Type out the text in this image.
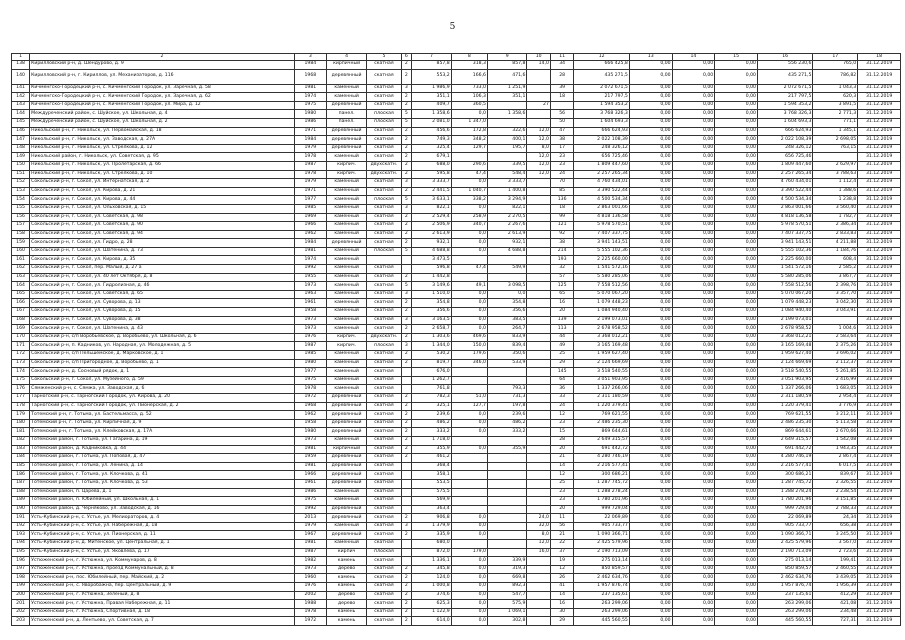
5
1	2	3	4	5	6	7	8	9	10	11	12	13	14	15	16	17	18
138	Кирилловский р-н, д. Шендурово, д. 9	1984	кирпичный	скатная	2	857,8	318,3	857,8	14,0	34	666 425,8	0,00	0,00	0,00	556 230,6	765,0	31.12.2019
140	Кирилловский р-н, г. Кириллов, ул. Механизаторов, д. 116	1968	деревянный	скатная	2	553,2	166,6	471,6		28	435 271,5	0,00	0,00	0,00	435 271,5	786,82	31.12.2019
141	Кичменгско-Городецкий р-н, с. Кичменгский Городок, ул. Заречная, д. 58	1981	каменный	скатная	3	1 986,9	733,0	1 251,9		39	2 072 671,5	0,00	0,00	0,00	2 072 671,5	1 043,3	31.12.2019
142	Кичменгско-Городецкий р-н, с. Кичменгский Городок, ул. Заречная, д. 62	1974	каменный	скатная	2	351,1	106,3	351,1		18	217 797,5	0,00	0,00	0,00	217 797,5	620,3	31.12.2019
143	Кичменгско-Городецкий р-н, с. Кичменгский Городок, ул. Мира, д. 12	1975	деревянный	скатная	2	409,7	360,5		27		1 594 353,2	0,00	0,00	0,00	1 594 353,2	3 891,5	31.12.2019
144	Междуреченский район, с. Шуйское, ул. Школьная, д. 4	1980	панел.	плоская	5	1 358,6	0,0	1 358,6		56	3 768 326,3	0,00	0,00	0,00	3 768 326,3	2 771,3	31.12.2019
145	Междуреченский район, с. Шуйское, ул. Школьная, д. 2	1986	панел.	плоская	5	2 081,0	1 347,0			50	1 604 693,3	0,00	0,00	0,00	1 604 693,3	771,1	31.12.2019
146	Никольский р-н, г. Никольск, ул. Первомайская, д. 18	1971	деревянный	скатная	2	456,6	172,8	322,6	12,0	47	666 624,93	0,00	0,00	0,00	666 624,93	1 345,1	31.12.2019
147	Никольский р-н, г. Никольск, ул. Заводская, д. 27А	1984	деревянный	скатная	2	749,3	348,2	400,1	12,0	38	2 022 108,39	0,00	0,00	0,00	2 022 108,39	2 698,05	31.12.2019
148	Никольский р-н, г. Никольск, ул. Стрелкова, д. 12	1979	деревянный	скатная	2	325,4	129,7	195,7	8,0	17	248 326,12	0,00	0,00	0,00	248 326,12	763,15	31.12.2019
149	Никольский район, г. Никольск, ул. Советская, д. 95	1978	каменный	скатная	2	679,1			12,0	23	656 725,46	0,00	0,00	0,00	656 725,46		31.12.2019
150	Никольский р-н, г. Никольск, ул. Пролетарская, д. 66	1987	кирпич.	двухскатн.	2	688,0	290,6	339,5	12,0	23	1 809 447,60	0,00	0,00	0,00	1 809 447,60	2 629,97	31.12.2019
151	Никольский р-н, г. Никольск, ул. Стрелкова, д. 10	1978	кирпич.	двухскатн.	2	595,8	47,4	548,4	12,0	24	2 257 265,34	0,00	0,00	0,00	2 257 265,34	3 788,63	31.12.2019
152	Сокольский р-н, г. Сокол, ул. Интернатская, д. 2	1979	каменный	скатная	3	3 333,7	0,0	3 333,7		70	4 760 434,01	0,00	0,00	0,00	4 760 434,01	1 112,4	31.12.2019
153	Сокольский р-н, г. Сокол, ул. Кирова, д. 21	1971	каменный	скатная	2	2 441,5	1 040,7	1 400,8		85	3 390 522,44	0,00	0,00	0,00	3 390 522,44	1 388,6	31.12.2019
154	Сокольский р-н, г. Сокол, ул. Кирова, д. 44	1977	каменный	плоская	5	3 633,1	338,2	3 294,9		136	4 500 534,34	0,00	0,00	0,00	4 500 534,34	1 238,8	31.12.2019
155	Сокольский р-н, г. Сокол, ул. Ольховская, д. 15	1985	каменный	скатная	3	822,1	0,0	822,1		18	2 863 001,66	0,00	0,00	0,00	2 863 001,66	3 560,40	31.12.2019
156	Сокольский р-н, г. Сокол, ул. Советская, д. 98	1969	каменный	скатная	2	2 529,4	258,9	2 270,5		99	4 818 136,58	0,00	0,00	0,00	4 818 136,58	1 782,7	31.12.2019
157	Сокольский р-н, г. Сокол, ул. Советская, д. 90	1966	каменный	скатная	2	2 506,9	340,7	2 267,6		121	5 978 570,51	0,00	0,00	0,00	5 978 570,51	2 386,34	31.12.2019
158	Сокольский р-н, г. Сокол, ул. Советская, д. 94	1962	каменный	скатная	2	2 613,9	0,0	2 613,9		92	7 407 337,75	0,00	0,00	0,00	7 407 337,75	2 833,83	31.12.2019
159	Сокольский р-н, г. Сокол, ул. Гидро, д. 28	1984	деревянный	скатная	2	932,1	0,0	932,1		38	3 941 143,51	0,00	0,00	0,00	3 941 143,51	4 211,88	31.12.2019
160	Сокольский р-н, г. Сокол, ул. Шатенина, д. 73	1981	каменный	плоская	5	4 688,8	0,0	4 688,8		214	5 555 102,36	0,00	0,00	0,00	5 555 102,36	1 184,76	31.12.2019
161	Сокольский р-н, г. Сокол, ул. Кирова, д. 35	1974	каменный			3 473,5				193	2 225 660,00	0,00	0,00	0,00	2 225 660,00	608,4	31.12.2019
162	Сокольский р-н, г. Сокол, пер. Малый, д. 27 а	1992	каменный	скатная		596,8	47,4	549,9		32	1 541 572,16	0,00	0,00	0,00	1 541 572,16	2 585,2	31.12.2019
163	Сокольский р-н, г. Сокол, ул. 40 лет Октября, д. 8	1955	каменный	скатная	2	1 442,8				57	5 580 285,06	0,00	0,00	0,00	5 580 285,06	3 867,7	31.12.2019
164	Сокольский р-н, г. Сокол, ул. Гидролизная, д. 46	1973	каменный	скатная	5	3 149,6	49,1	3 098,5		125	7 558 512,56	0,00	0,00	0,00	7 558 512,56	2 398,76	31.12.2019
165	Сокольский р-н, г. Сокол, ул. Советская, д. 65	1963	каменный	скатная	3	1 510,0	0,0	0,0		65	5 070 067,20	0,00	0,00	0,00	5 070 067,20	3 357,70	31.12.2019
166	Сокольский р-н, г. Сокол, ул. Суворова, д. 13	1961	каменный	скатная	2	354,8	0,0	354,8		16	1 079 448,23	0,00	0,00	0,00	1 079 448,23	3 042,30	31.12.2019
167	Сокольский р-н, г. Сокол, ул. Суворова, д. 15	1958	каменный	скатная	2	356,6	0,0	356,6		20	1 084 940,40	0,00	0,00	0,00	1 084 940,40	3 043,91	31.12.2019
168	Сокольский р-н, г. Сокол, ул. Суворова, д. 38	1973	каменный	скатная	3	3 163,5	0,0	383,5		139	2 199 073,01	0,00	0,00	0,00	2 199 073,01		31.12.2019
169	Сокольский р-н, г. Сокол, ул. Шатенина, д. 43	1973	каменный	скатная	2	2 658,7	0,0	264,7		113	2 678 958,52	0,00	0,00	0,00	2 678 958,52	1 004,6	31.12.2019
170	Сокольский р-н, с/п Воробьевское, д. Воробьево, ул. Школьная, д. 6	1976	кирпич.	двухскатн.	2	1 303,6	469,6	833,9		44	3 368 012,21	0,00	0,00	0,00	3 368 012,21	2 583,64	31.12.2019
171	Сокольский р-н, п. Кадников, ул. Народная, ул. Молодежная, д. 5	1987	кирпич.	плоская	3	1 344,0	150,0	839,4		49	3 165 169,48	0,00	0,00	0,00	3 165 169,48	2 375,26	31.12.2019
172	Сокольский р-н, с/п Пельшемское, д. Марковское, д. 1	1985	каменный	скатная	2	530,2	179,6	350,6		25	1 959 627,40	0,00	0,00	0,00	1 959 627,40	3 696,02	31.12.2019
173	Сокольский р-н, с/п Пригородное, д. Воробьево, д. 1	1980	каменный	скатная	2	819,7	346,0	533,9		29	2 124 669,69	0,00	0,00	0,00	2 124 669,69	2 112,37	31.12.2019
174	Сокольский р-н, д. Сосновый рядок, д. 1	1977	каменный	скатная		676,0				145	3 518 540,55	0,00	0,00	0,00	3 518 540,55	5 261,85	31.12.2019
175	Сокольский р-н, г. Сокол, ул. Музейного, д. 59	1975	каменный	скатная		1 262,7				64	3 051 903,95	0,00	0,00	0,00	3 051 903,95	2 416,99	31.12.2019
176	Сямженский р-н, с. Сямжа, ул. Заводская, д. 6	1978	каменный	скатная		761,8		793,3		36	1 337 266,06	0,00	0,00	0,00	1 337 266,06	1 683,05	31.12.2019
177	Тарногский р-н, с. Тарногский Городок, ул. Кирова, д. 20	1972	деревянный	скатная	2	782,3	51,0	731,3		33	2 311 180,59	0,00	0,00	0,00	2 311 180,59	2 954,4	31.12.2019
178	Тарногский р-н, с. Тарногский Городок, ул. Пионерская, д. 2	1968	деревянный	скатная	2	325,1	127,7	197,8		24	1 220 379,41	0,00	0,00	0,00	1 220 379,41	3 776,9	31.12.2019
179	Тотемский р-н, г. Тотьма, ул. Бастельмасса, д. 52	1962	деревянный	скатная	2	239,6	0,0	239,6		12	769 621,55	0,00	0,00	0,00	769 621,55	3 212,11	31.12.2019
180	Тотемский р-н, г. Тотьма, ул. Кирпичная, д. 9	1958	деревянный	скатная	2	486,2	0,0	486,2		23	2 486 235,30	0,00	0,00	0,00	2 486 235,30	5 113,58	31.12.2019
181	Тотемский р-н, г. Тотьма, ул. Клейковская, д. 17А	1980	деревянный	скатная	2	333,2	0,0	333,2		15	869 644,61	0,00	0,00	0,00	869 644,61	2 670,66	31.12.2019
182	Тотемский район, г. Тотьма, ул. Гагарина, д. 19	1973	каменный	скатная	2	1 718,0				28	2 649 315,57	0,00	0,00	0,00	2 649 315,57	1 542,08	31.12.2019
183	Тотемский район, д. Кадниковка, д. 44	1981	кирпичный	скатная	2	355,9	0,0	355,9		20	691 442,72	0,00	0,00	0,00	691 442,72	1 943,35	31.12.2019
184	Тотемский район, г. Тотьма, ул. Поповая, д. 47	1959	деревянный	скатная	2	461,2				21	4 280 746,19	0,00	0,00	0,00	4 280 746,19	2 867,4	31.12.2019
185	Тотемский район, г. Тотьма, ул. Ленина, д. 14	1981	деревянный	скатная		368,4				14	2 216 577,41	0,00	0,00	0,00	2 216 577,41	6 017,5	31.12.2019
186	Тотемский район, г. Тотьма, ул. Клочкова, д. 41	1966	деревянный	скатная		358,1				12	300 686,21	0,00	0,00	0,00	300 686,21	839,67	31.12.2019
187	Тотемский район, г. Тотьма, ул. Клочкова, д. 53	1961	деревянный	скатная		553,5				25	1 287 745,72	0,00	0,00	0,00	1 287 745,72	2 326,55	31.12.2019
188	Тотемский район, п. Царева, д. 1	1986	каменный	скатная		575,5				23	1 288 278,24	0,00	0,00	0,00	1 288 278,24	2 238,54	31.12.2019
189	Тотемский район, п. Юбилейный, ул. Школьная, д. 1	1975	каменный	скатная		569,9				23	1 780 201,96	0,00	0,00	0,00	1 780 201,96	3 151,85	31.12.2019
190	Тотемский район, д. Черняково, ул. Заводская, д. 16	1992	деревянный	скатная		363,4				20	999 729,04	0,00	0,00	0,00	999 729,04	2 788,33	31.12.2019
191	Усть-Кубинский р-н, с. Устье, ул. Мелиораторов, д. 4	2013	деревянный	скатная	2	906,8	0,0		24,0	11	22 069,89	0,00	0,00	0,00	22 069,89	24,34	31.12.2019
192	Усть-Кубинский р-н, с. Устье, ул. Набережная, д. 18	1979	каменный	скатная	3	1 379,9	0,0		32,0	56	905 733,77	0,00	0,00	0,00	905 733,77	656,38	31.12.2019
193	Усть-Кубинский р-н, с. Устье, ул. Пионерская, д. 11	1967	деревянный	скатная	2	335,9	0,0		8,0	21	1 090 366,71	0,00	0,00	0,00	1 090 366,71	3 245,50	31.12.2019
194	Усть-Кубинский р-н, д. Митенское, ул. Центральная, д. 1	1981	каменный	скатная		680,0			12,0	22	2 425 579,96	0,00	0,00	0,00	2 425 579,96	3 567,0	31.12.2019
195	Усть-Кубинский р-н, с. Устье, ул. Яковлева, д. 17	1987	кирпич	плоская		872,0	179,0		16,0	37	2 190 713,09	0,00	0,00	0,00	2 190 713,09	2 723,6	31.12.2019
196	Устюженский р-н, г. Устюжна, ул. Коммунаров, д. 8	1982	камень	скатная		1 336,1	0,0	339,9		19	275 013,14	0,00	0,00	0,00	275 013,14	199,41	31.12.2019
197	Устюженский р-н, г. Устюжна, проезд Коммунальный, д. 8	1973	дерево	скатная	2	345,8	0,0	319,3		12	850 859,57	0,00	0,00	0,00	850 859,57	2 460,55	31.12.2019
198	Устюженский р-н, пос. Юбилейный, пер. Майский, д. 2	1960	камень	скатная	2	124,0	0,0	669,8		26	2 462 634,76	0,00	0,00	0,00	2 462 634,76	3 439,05	31.12.2019
199	Устюженский р-н, с. Яворобажна, пер. Центральный, д. 9	1976	камень	скатная	2	1 000,8	0,0	892,3		41	1 957 876,74	0,00	0,00	0,00	1 957 876,74	1 956,39	31.12.2019
200	Устюженский р-н, г. Устюжна, Зеленый, д. 8	2002	дерево	скатная	2	374,6	0,0	547,7		14	237 135,61	0,00	0,00	0,00	237 135,61	412,29	31.12.2019
201	Устюженский р-н, г. Устюжна, Правая Набережная, д. 11	1988	дерево	скатная	2	625,3	0,0	575,9		16	263 299,06	0,00	0,00	0,00	263 299,06	421,08	31.12.2019
202	Устюженский р-н, г. Устюжна, Спортивная, д. 18	1978	камень	скатная	2	1 122,9	0,0	1 069,1		30	263 299,06	0,00	0,00	0,00	263 299,06	234,48	31.12.2019
203	Устюженский р-н, д. Лентьево, ул. Советская, д. 7	1972	камень	скатная	2	614,0	0,0	302,8		29	445 560,55	0,00	0,00	0,00	445 560,55	727,31	31.12.2019
